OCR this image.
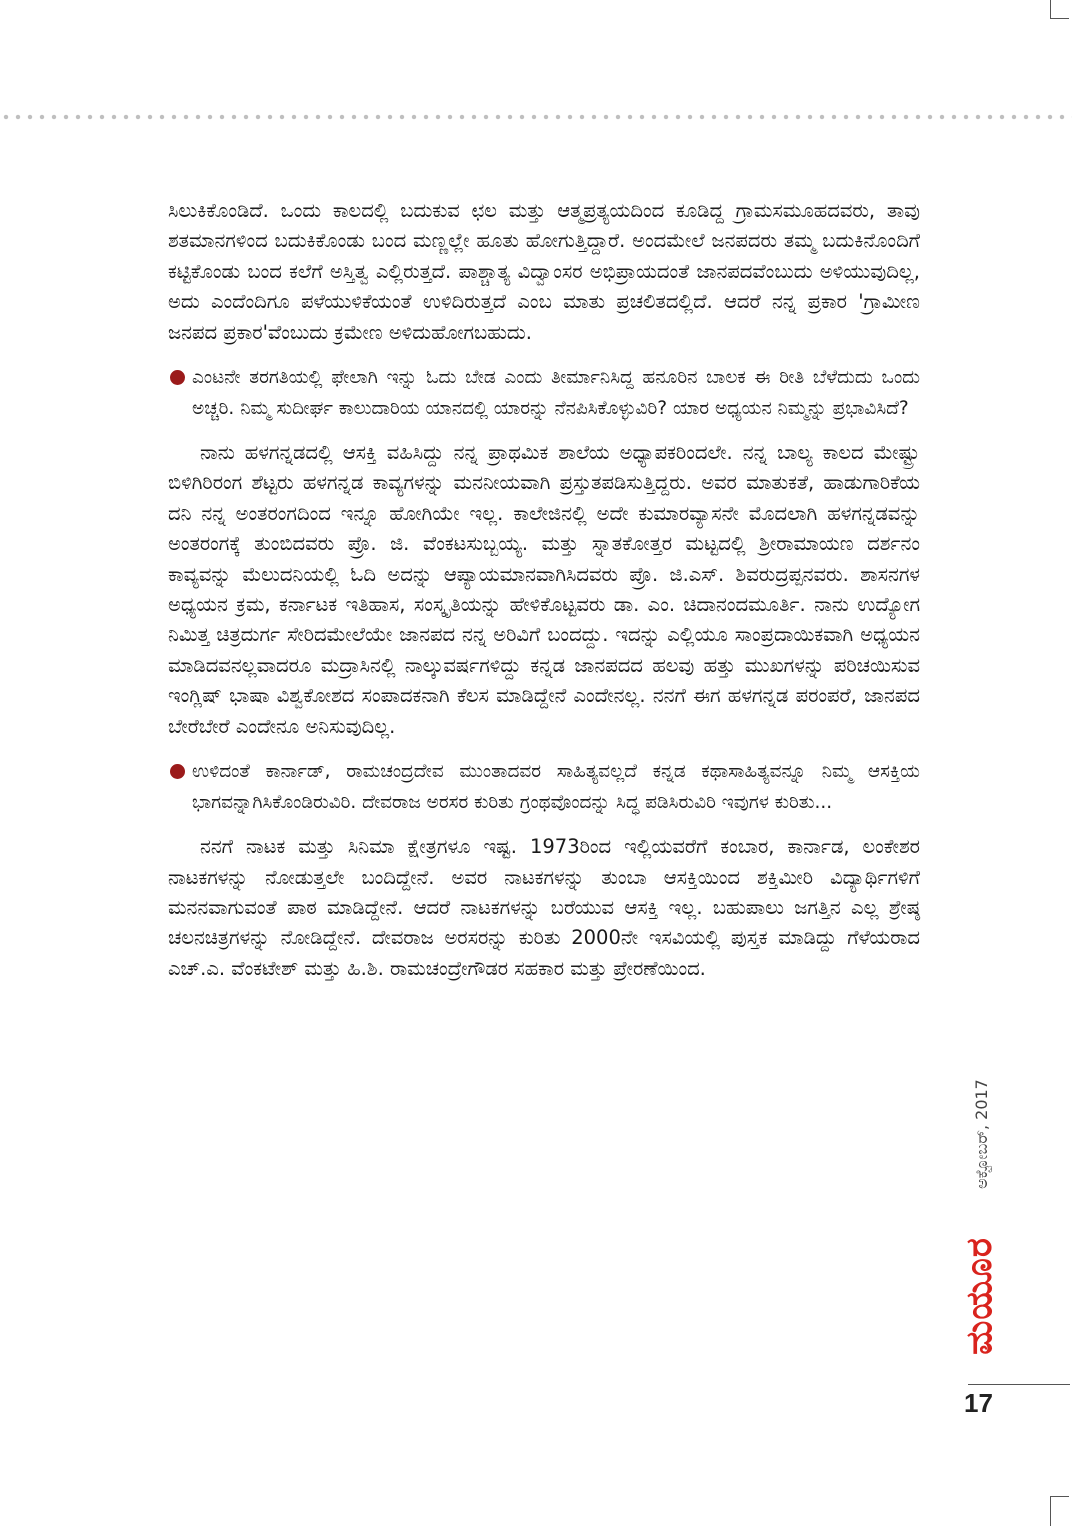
ಸಿಲುಕಿಕೊಂಡಿದೆ. ಒಂದು ಕಾಲದಲ್ಲಿ ಬದುಕುವ ಛಲ ಮತ್ತು ಆತ್ಮಪ್ರತ್ಯಯದಿಂದ ಕೂಡಿದ್ದ ಗ್ರಾಮಸಮೂಹದವರು, ತಾವು ಶತಮಾನಗಳಿಂದ ಬದುಕಿಕೊಂಡು ಬಂದ ಮಣ್ಣಲ್ಲೇ ಹೂತು ಹೋಗುತ್ತಿದ್ದಾರೆ. ಅಂದಮೇಲೆ ಜನಪದರು ತಮ್ಮ ಬದುಕಿನೊಂದಿಗೆ ಕಟ್ಟಿಕೊಂಡು ಬಂದ ಕಲೆಗೆ ಅಸ್ತಿತ್ವ ಎಲ್ಲಿರುತ್ತದೆ. ಪಾಶ್ಚಾತ್ಯ ವಿದ್ವಾಂಸರ ಅಭಿಪ್ರಾಯದಂತೆ ಜಾನಪದವೆಂಬುದು ಅಳಿಯುವುದಿಲ್ಲ, ಅದು ಎಂದೆಂದಿಗೂ ಪಳೆಯುಳಿಕೆಯಂತೆ ಉಳಿದಿರುತ್ತದೆ ಎಂಬ ಮಾತು ಪ್ರಚಲಿತದಲ್ಲಿದೆ. ಆದರೆ ನನ್ನ ಪ್ರಕಾರ 'ಗ್ರಾಮೀಣ ಜನಪದ ಪ್ರಕಾರ'ವೆಂಬುದು ಕ್ರಮೇಣ ಅಳಿದುಹೋಗಬಹುದು.

ಎಂಟನೇ ತರಗತಿಯಲ್ಲಿ ಫೇಲಾಗಿ ಇನ್ನು ಓದು ಬೇಡ ಎಂದು ತೀರ್ಮಾನಿಸಿದ್ದ ಹನೂರಿನ ಬಾಲಕ ಈ ರೀತಿ ಬೆಳೆದುದು ಒಂದು ಅಚ್ಚರಿ. ನಿಮ್ಮ ಸುದೀರ್ಘ ಕಾಲುದಾರಿಯ ಯಾನದಲ್ಲಿ ಯಾರನ್ನು ನೆನಪಿಸಿಕೊಳ್ಳುವಿರಿ? ಯಾರ ಅಧ್ಯಯನ ನಿಮ್ಮನ್ನು ಪ್ರಭಾವಿಸಿದೆ?

ನಾನು ಹಳಗನ್ನಡದಲ್ಲಿ ಆಸಕ್ತಿ ವಹಿಸಿದ್ದು ನನ್ನ ಪ್ರಾಥಮಿಕ ಶಾಲೆಯ ಅಧ್ಯಾಪಕರಿಂದಲೇ. ನನ್ನ ಬಾಲ್ಯ ಕಾಲದ ಮೇಷ್ಟ್ರು ಬಿಳಿಗಿರಿರಂಗ ಶೆಟ್ಟರು ಹಳಗನ್ನಡ ಕಾವ್ಯಗಳನ್ನು ಮನನೀಯವಾಗಿ ಪ್ರಸ್ತುತಪಡಿಸುತ್ತಿದ್ದರು. ಅವರ ಮಾತುಕತೆ, ಹಾಡುಗಾರಿಕೆಯ ದನಿ ನನ್ನ ಅಂತರಂಗದಿಂದ ಇನ್ನೂ ಹೋಗಿಯೇ ಇಲ್ಲ. ಕಾಲೇಜಿನಲ್ಲಿ ಅದೇ ಕುಮಾರವ್ಯಾಸನೇ ಮೊದಲಾಗಿ ಹಳಗನ್ನಡವನ್ನು ಅಂತರಂಗಕ್ಕೆ ತುಂಬಿದವರು ಪ್ರೊ. ಜಿ. ವೆಂಕಟಸುಬ್ಬಯ್ಯ. ಮತ್ತು ಸ್ನಾತಕೋತ್ತರ ಮಟ್ಟದಲ್ಲಿ ಶ್ರೀರಾಮಾಯಣ ದರ್ಶನಂ ಕಾವ್ಯವನ್ನು ಮೆಲುದನಿಯಲ್ಲಿ ಓದಿ ಅದನ್ನು ಆಪ್ಯಾಯಮಾನವಾಗಿಸಿದವರು ಪ್ರೊ. ಜಿ.ಎಸ್. ಶಿವರುದ್ರಪ್ಪನವರು. ಶಾಸನಗಳ ಅಧ್ಯಯನ ಕ್ರಮ, ಕರ್ನಾಟಕ ಇತಿಹಾಸ, ಸಂಸ್ಕೃತಿಯನ್ನು ಹೇಳಿಕೊಟ್ಟವರು ಡಾ. ಎಂ. ಚಿದಾನಂದಮೂರ್ತಿ. ನಾನು ಉದ್ಯೋಗ ನಿಮಿತ್ತ ಚಿತ್ರದುರ್ಗ ಸೇರಿದಮೇಲೆಯೇ ಜಾನಪದ ನನ್ನ ಅರಿವಿಗೆ ಬಂದದ್ದು. ಇದನ್ನು ಎಲ್ಲಿಯೂ ಸಾಂಪ್ರದಾಯಿಕವಾಗಿ ಅಧ್ಯಯನ ಮಾಡಿದವನಲ್ಲವಾದರೂ ಮದ್ರಾಸಿನಲ್ಲಿ ನಾಲ್ಕುವರ್ಷಗಳಿದ್ದು ಕನ್ನಡ ಜಾನಪದದ ಹಲವು ಹತ್ತು ಮುಖಗಳನ್ನು ಪರಿಚಯಿಸುವ ಇಂಗ್ಲಿಷ್ ಭಾಷಾ ವಿಶ್ವಕೋಶದ ಸಂಪಾದಕನಾಗಿ ಕೆಲಸ ಮಾಡಿದ್ದೇನೆ ಎಂದೇನಲ್ಲ. ನನಗೆ ಈಗ ಹಳಗನ್ನಡ ಪರಂಪರೆ, ಜಾನಪದ ಬೇರೆಬೇರೆ ಎಂದೇನೂ ಅನಿಸುವುದಿಲ್ಲ.

ಉಳಿದಂತೆ ಕಾರ್ನಾಡ್, ರಾಮಚಂದ್ರದೇವ ಮುಂತಾದವರ ಸಾಹಿತ್ಯವಲ್ಲದೆ ಕನ್ನಡ ಕಥಾಸಾಹಿತ್ಯವನ್ನೂ ನಿಮ್ಮ ಆಸಕ್ತಿಯ ಭಾಗವನ್ನಾಗಿಸಿಕೊಂಡಿರುವಿರಿ. ದೇವರಾಜ ಅರಸರ ಕುರಿತು ಗ್ರಂಥವೊಂದನ್ನು ಸಿದ್ಧ ಪಡಿಸಿರುವಿರಿ ಇವುಗಳ ಕುರಿತು...

ನನಗೆ ನಾಟಕ ಮತ್ತು ಸಿನಿಮಾ ಕ್ಷೇತ್ರಗಳೂ ಇಷ್ಟ. 1973ರಿಂದ ಇಲ್ಲಿಯವರೆಗೆ ಕಂಬಾರ, ಕಾರ್ನಾಡ, ಲಂಕೇಶರ ನಾಟಕಗಳನ್ನು ನೋಡುತ್ತಲೇ ಬಂದಿದ್ದೇನೆ. ಅವರ ನಾಟಕಗಳನ್ನು ತುಂಬಾ ಆಸಕ್ತಿಯಿಂದ ಶಕ್ತಿಮೀರಿ ವಿದ್ಯಾರ್ಥಿಗಳಿಗೆ ಮನನವಾಗುವಂತೆ ಪಾಠ ಮಾಡಿದ್ದೇನೆ. ಆದರೆ ನಾಟಕಗಳನ್ನು ಬರೆಯುವ ಆಸಕ್ತಿ ಇಲ್ಲ. ಬಹುಪಾಲು ಜಗತ್ತಿನ ಎಲ್ಲ ಶ್ರೇಷ್ಠ ಚಲನಚಿತ್ರಗಳನ್ನು ನೋಡಿದ್ದೇನೆ. ದೇವರಾಜ ಅರಸರನ್ನು ಕುರಿತು 2000ನೇ ಇಸವಿಯಲ್ಲಿ ಪುಸ್ತಕ ಮಾಡಿದ್ದು ಗೆಳೆಯರಾದ ಎಚ್.ಎ. ವೆಂಕಟೇಶ್ ಮತ್ತು ಹಿ.ಶಿ. ರಾಮಚಂದ್ರೇಗೌಡರ ಸಹಕಾರ ಮತ್ತು ಪ್ರೇರಣೆಯಿಂದ.

ಅಕ್ಟೋಬರ್, 2017
ಮಯೂರ
17
